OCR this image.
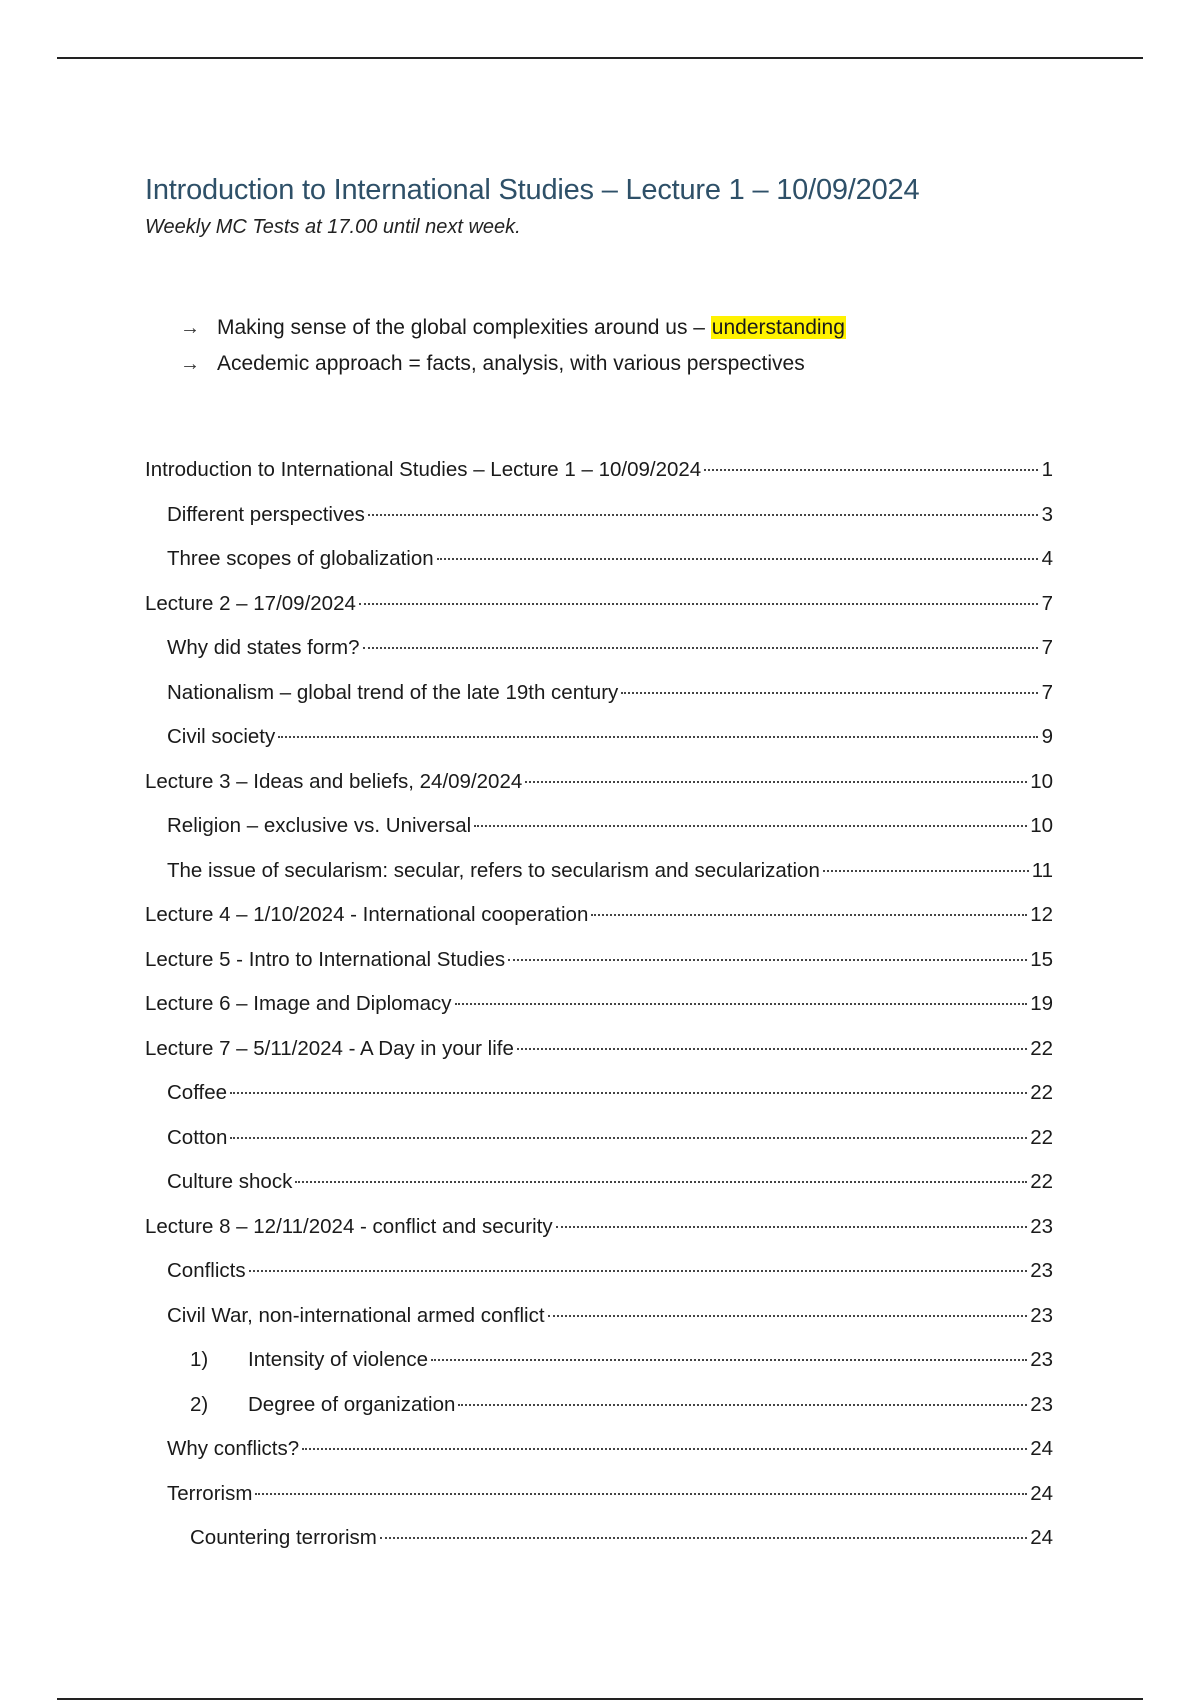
Introduction to International Studies – Lecture 1 – 10/09/2024
Weekly MC Tests at 17.00 until next week.
→ Making sense of the global complexities around us – understanding
→ Acedemic approach = facts, analysis, with various perspectives
Introduction to International Studies – Lecture 1 – 10/09/2024	1
Different perspectives	3
Three scopes of globalization	4
Lecture 2 – 17/09/2024	7
Why did states form?	7
Nationalism – global trend of the late 19th century	7
Civil society	9
Lecture 3 – Ideas and beliefs, 24/09/2024	10
Religion – exclusive vs. Universal	10
The issue of secularism: secular, refers to secularism and secularization	11
Lecture 4 – 1/10/2024 - International cooperation	12
Lecture 5 - Intro to International Studies	15
Lecture 6 – Image and Diplomacy	19
Lecture 7 – 5/11/2024 - A Day in your life	22
Coffee	22
Cotton	22
Culture shock	22
Lecture 8 – 12/11/2024 - conflict and security	23
Conflicts	23
Civil War, non-international armed conflict	23
1)	Intensity of violence	23
2)	Degree of organization	23
Why conflicts?	24
Terrorism	24
Countering terrorism	24
